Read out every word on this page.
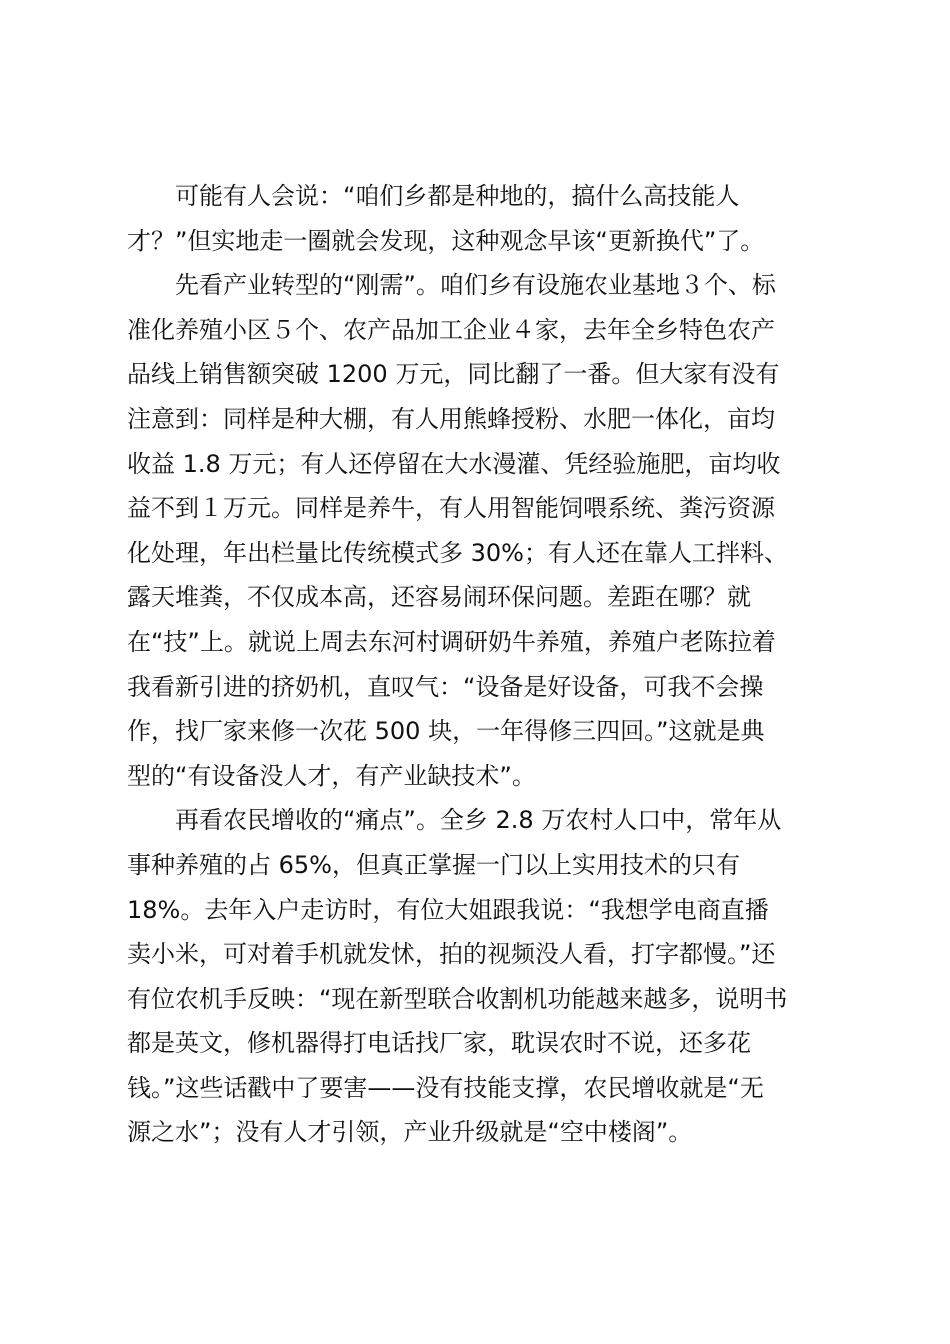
可能有人会说：“咱们乡都是种地的，搞什么高技能人
才？”但实地走一圈就会发现，这种观念早该“更新换代”了。
先看产业转型的“刚需”。咱们乡有设施农业基地３个、标
准化养殖小区５个、农产品加工企业４家，去年全乡特色农产
品线上销售额突破 1200 万元，同比翻了一番。但大家有没有
注意到：同样是种大棚，有人用熊蜂授粉、水肥一体化，亩均
收益 1.8 万元；有人还停留在大水漫灌、凭经验施肥，亩均收
益不到１万元。同样是养牛，有人用智能饲喂系统、粪污资源
化处理，年出栏量比传统模式多 30%；有人还在靠人工拌料、
露天堆粪，不仅成本高，还容易闹环保问题。差距在哪？就
在“技”上。就说上周去东河村调研奶牛养殖，养殖户老陈拉着
我看新引进的挤奶机，直叹气：“设备是好设备，可我不会操
作，找厂家来修一次花 500 块，一年得修三四回。”这就是典
型的“有设备没人才，有产业缺技术”。
再看农民增收的“痛点”。全乡 2.8 万农村人口中，常年从
事种养殖的占 65%，但真正掌握一门以上实用技术的只有
18%。去年入户走访时，有位大姐跟我说：“我想学电商直播
卖小米，可对着手机就发怵，拍的视频没人看，打字都慢。”还
有位农机手反映：“现在新型联合收割机功能越来越多，说明书
都是英文，修机器得打电话找厂家，耽误农时不说，还多花
钱。”这些话戳中了要害——没有技能支撑，农民增收就是“无
源之水”；没有人才引领，产业升级就是“空中楼阁”。
